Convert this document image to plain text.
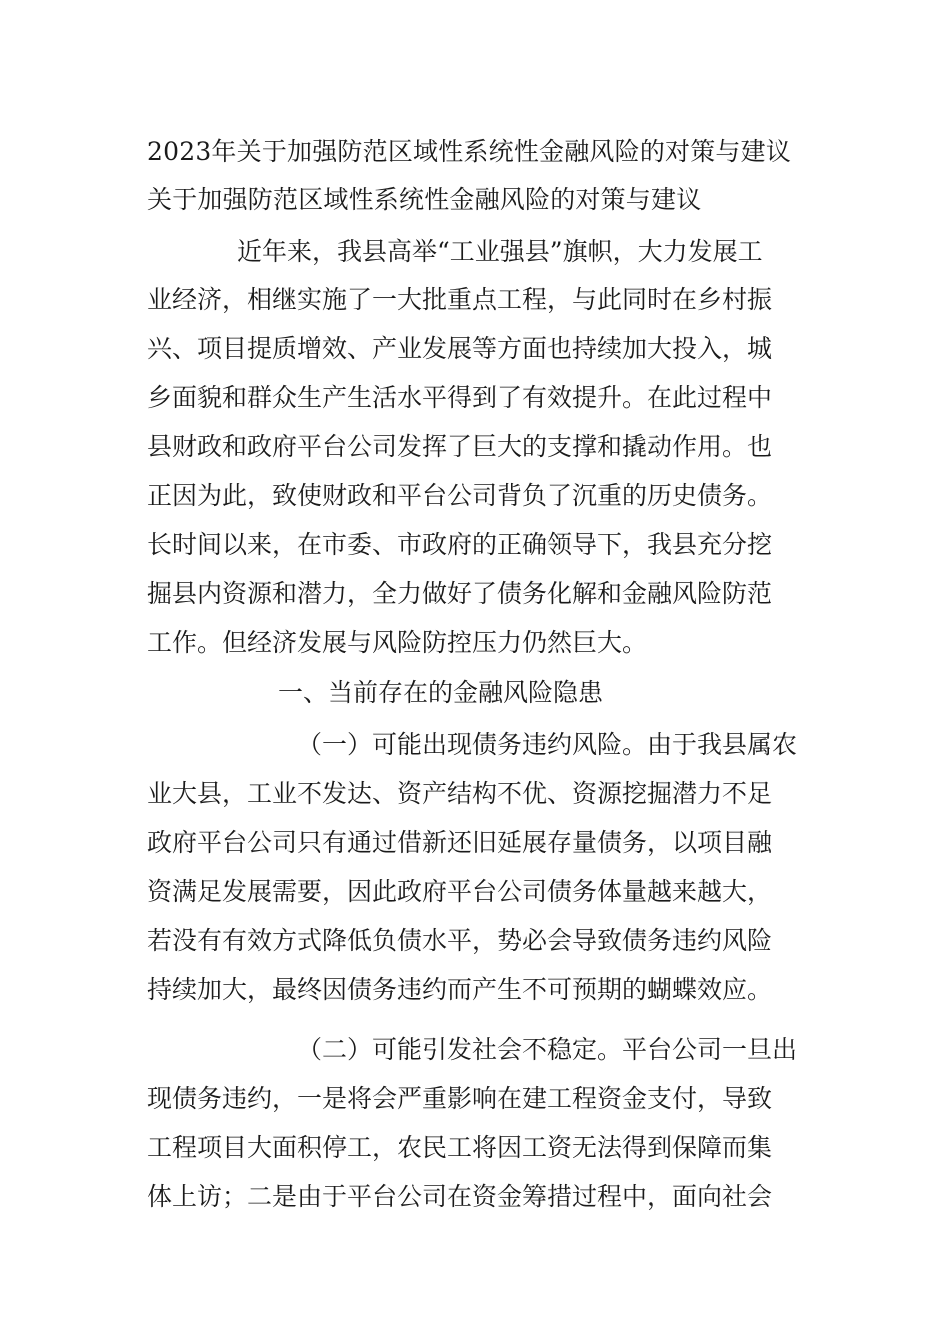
2023年关于加强防范区域性系统性金融风险的对策与建议
关于加强防范区域性系统性金融风险的对策与建议
近年来，我县高举“工业强县”旗帜，大力发展工
业经济，相继实施了一大批重点工程，与此同时在乡村振
兴、项目提质增效、产业发展等方面也持续加大投入，城
乡面貌和群众生产生活水平得到了有效提升。在此过程中
县财政和政府平台公司发挥了巨大的支撑和撬动作用。也
正因为此，致使财政和平台公司背负了沉重的历史债务。
长时间以来，在市委、市政府的正确领导下，我县充分挖
掘县内资源和潜力，全力做好了债务化解和金融风险防范
工作。但经济发展与风险防控压力仍然巨大。
一、当前存在的金融风险隐患
（一）可能出现债务违约风险。由于我县属农
业大县，工业不发达、资产结构不优、资源挖掘潜力不足
政府平台公司只有通过借新还旧延展存量债务，以项目融
资满足发展需要，因此政府平台公司债务体量越来越大，
若没有有效方式降低负债水平，势必会导致债务违约风险
持续加大，最终因债务违约而产生不可预期的蝴蝶效应。
（二）可能引发社会不稳定。平台公司一旦出
现债务违约，一是将会严重影响在建工程资金支付，导致
工程项目大面积停工，农民工将因工资无法得到保障而集
体上访；二是由于平台公司在资金筹措过程中，面向社会
